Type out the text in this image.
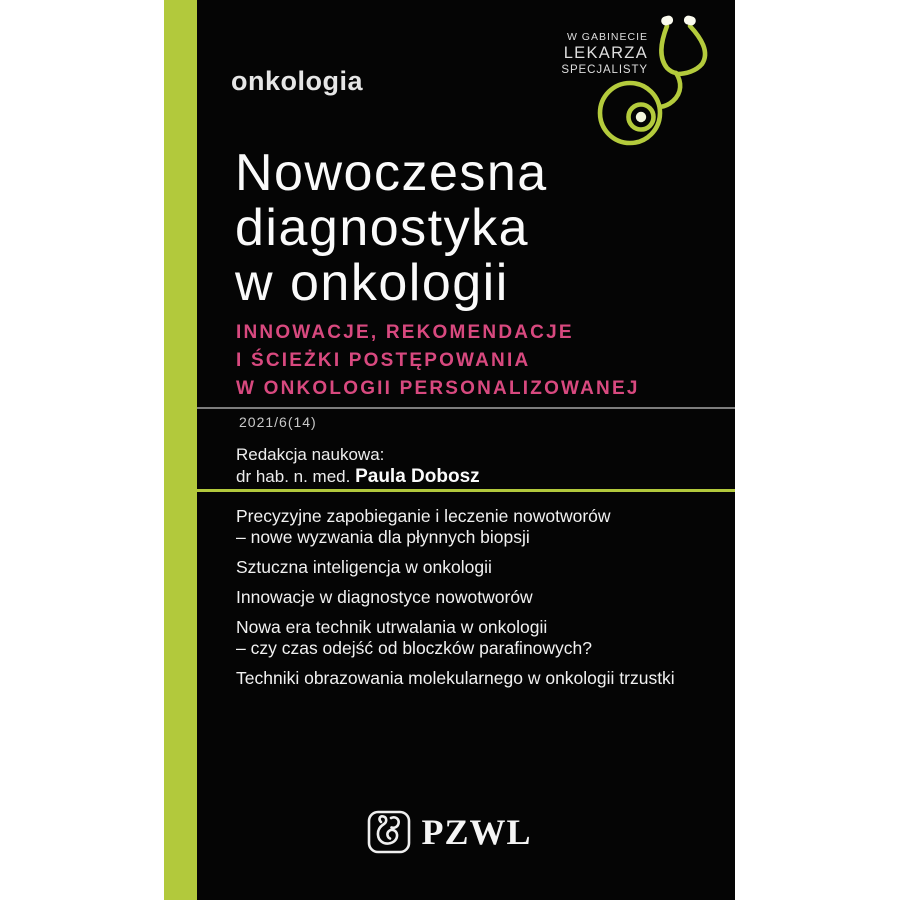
onkologia
W GABINECIE
LEKARZA
SPECJALISTY
Nowoczesna
diagnostyka
w onkologii
INNOWACJE, REKOMENDACJE
I ŚCIEŻKI POSTĘPOWANIA
W ONKOLOGII PERSONALIZOWANEJ
2021/6(14)
Redakcja naukowa:
dr hab. n. med. Paula Dobosz
Precyzyjne zapobieganie i leczenie nowotworów
– nowe wyzwania dla płynnych biopsji
Sztuczna inteligencja w onkologii
Innowacje w diagnostyce nowotworów
Nowa era technik utrwalania w onkologii
– czy czas odejść od bloczków parafinowych?
Techniki obrazowania molekularnego w onkologii trzustki
PZWL
